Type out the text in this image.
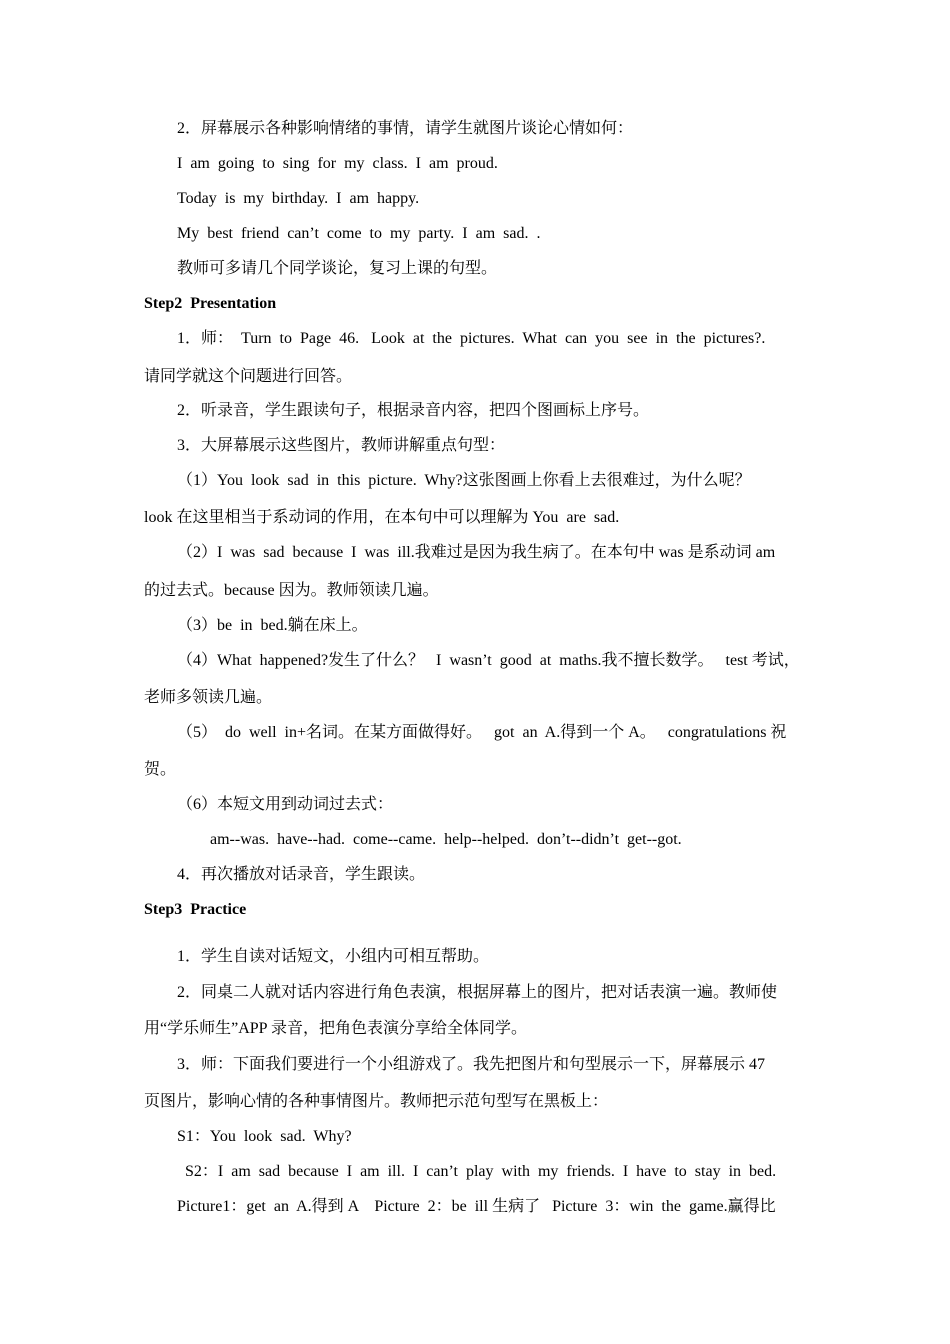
2．屏幕展示各种影响情绪的事情，请学生就图片谈论心情如何：
I  am  going  to  sing  for  my  class.  I  am  proud.
Today  is  my  birthday.  I  am  happy.
My  best  friend  can’t  come  to  my  party.  I  am  sad.  .
教师可多请几个同学谈论，复习上课的句型。
Step2  Presentation
1．师：  Turn  to  Page  46.   Look  at  the  pictures.  What  can  you  see  in  the  pictures?.
请同学就这个问题进行回答。
2．听录音，学生跟读句子，根据录音内容，把四个图画标上序号。
3．大屏幕展示这些图片，教师讲解重点句型：
（1）You  look  sad  in  this  picture.  Why?这张图画上你看上去很难过，为什么呢？
look 在这里相当于系动词的作用，在本句中可以理解为 You  are  sad.
（2）I  was  sad  because  I  was  ill.我难过是因为我生病了。在本句中 was 是系动词 am
的过去式。because 因为。教师领读几遍。
（3）be  in  bed.躺在床上。
（4）What  happened?发生了什么？   I  wasn’t  good  at  maths.我不擅长数学。   test 考试，
老师多领读几遍。
（5）  do  well  in+名词。在某方面做得好。   got  an  A.得到一个 A。   congratulations 祝
贺。
（6）本短文用到动词过去式：
am--was.  have--had.  come--came.  help--helped.  don’t--didn’t  get--got.
4．再次播放对话录音，学生跟读。
Step3  Practice
1．学生自读对话短文，小组内可相互帮助。
2．同桌二人就对话内容进行角色表演，根据屏幕上的图片，把对话表演一遍。教师使
用“学乐师生”APP 录音，把角色表演分享给全体同学。
3．师：下面我们要进行一个小组游戏了。我先把图片和句型展示一下，屏幕展示 47
页图片，影响心情的各种事情图片。教师把示范句型写在黑板上：
S1：You  look  sad.  Why?
S2：I  am  sad  because  I  am  ill.  I  can’t  play  with  my  friends.  I  have  to  stay  in  bed.
Picture1：get  an  A.得到 A    Picture  2：be  ill 生病了   Picture  3：win  the  game.赢得比
